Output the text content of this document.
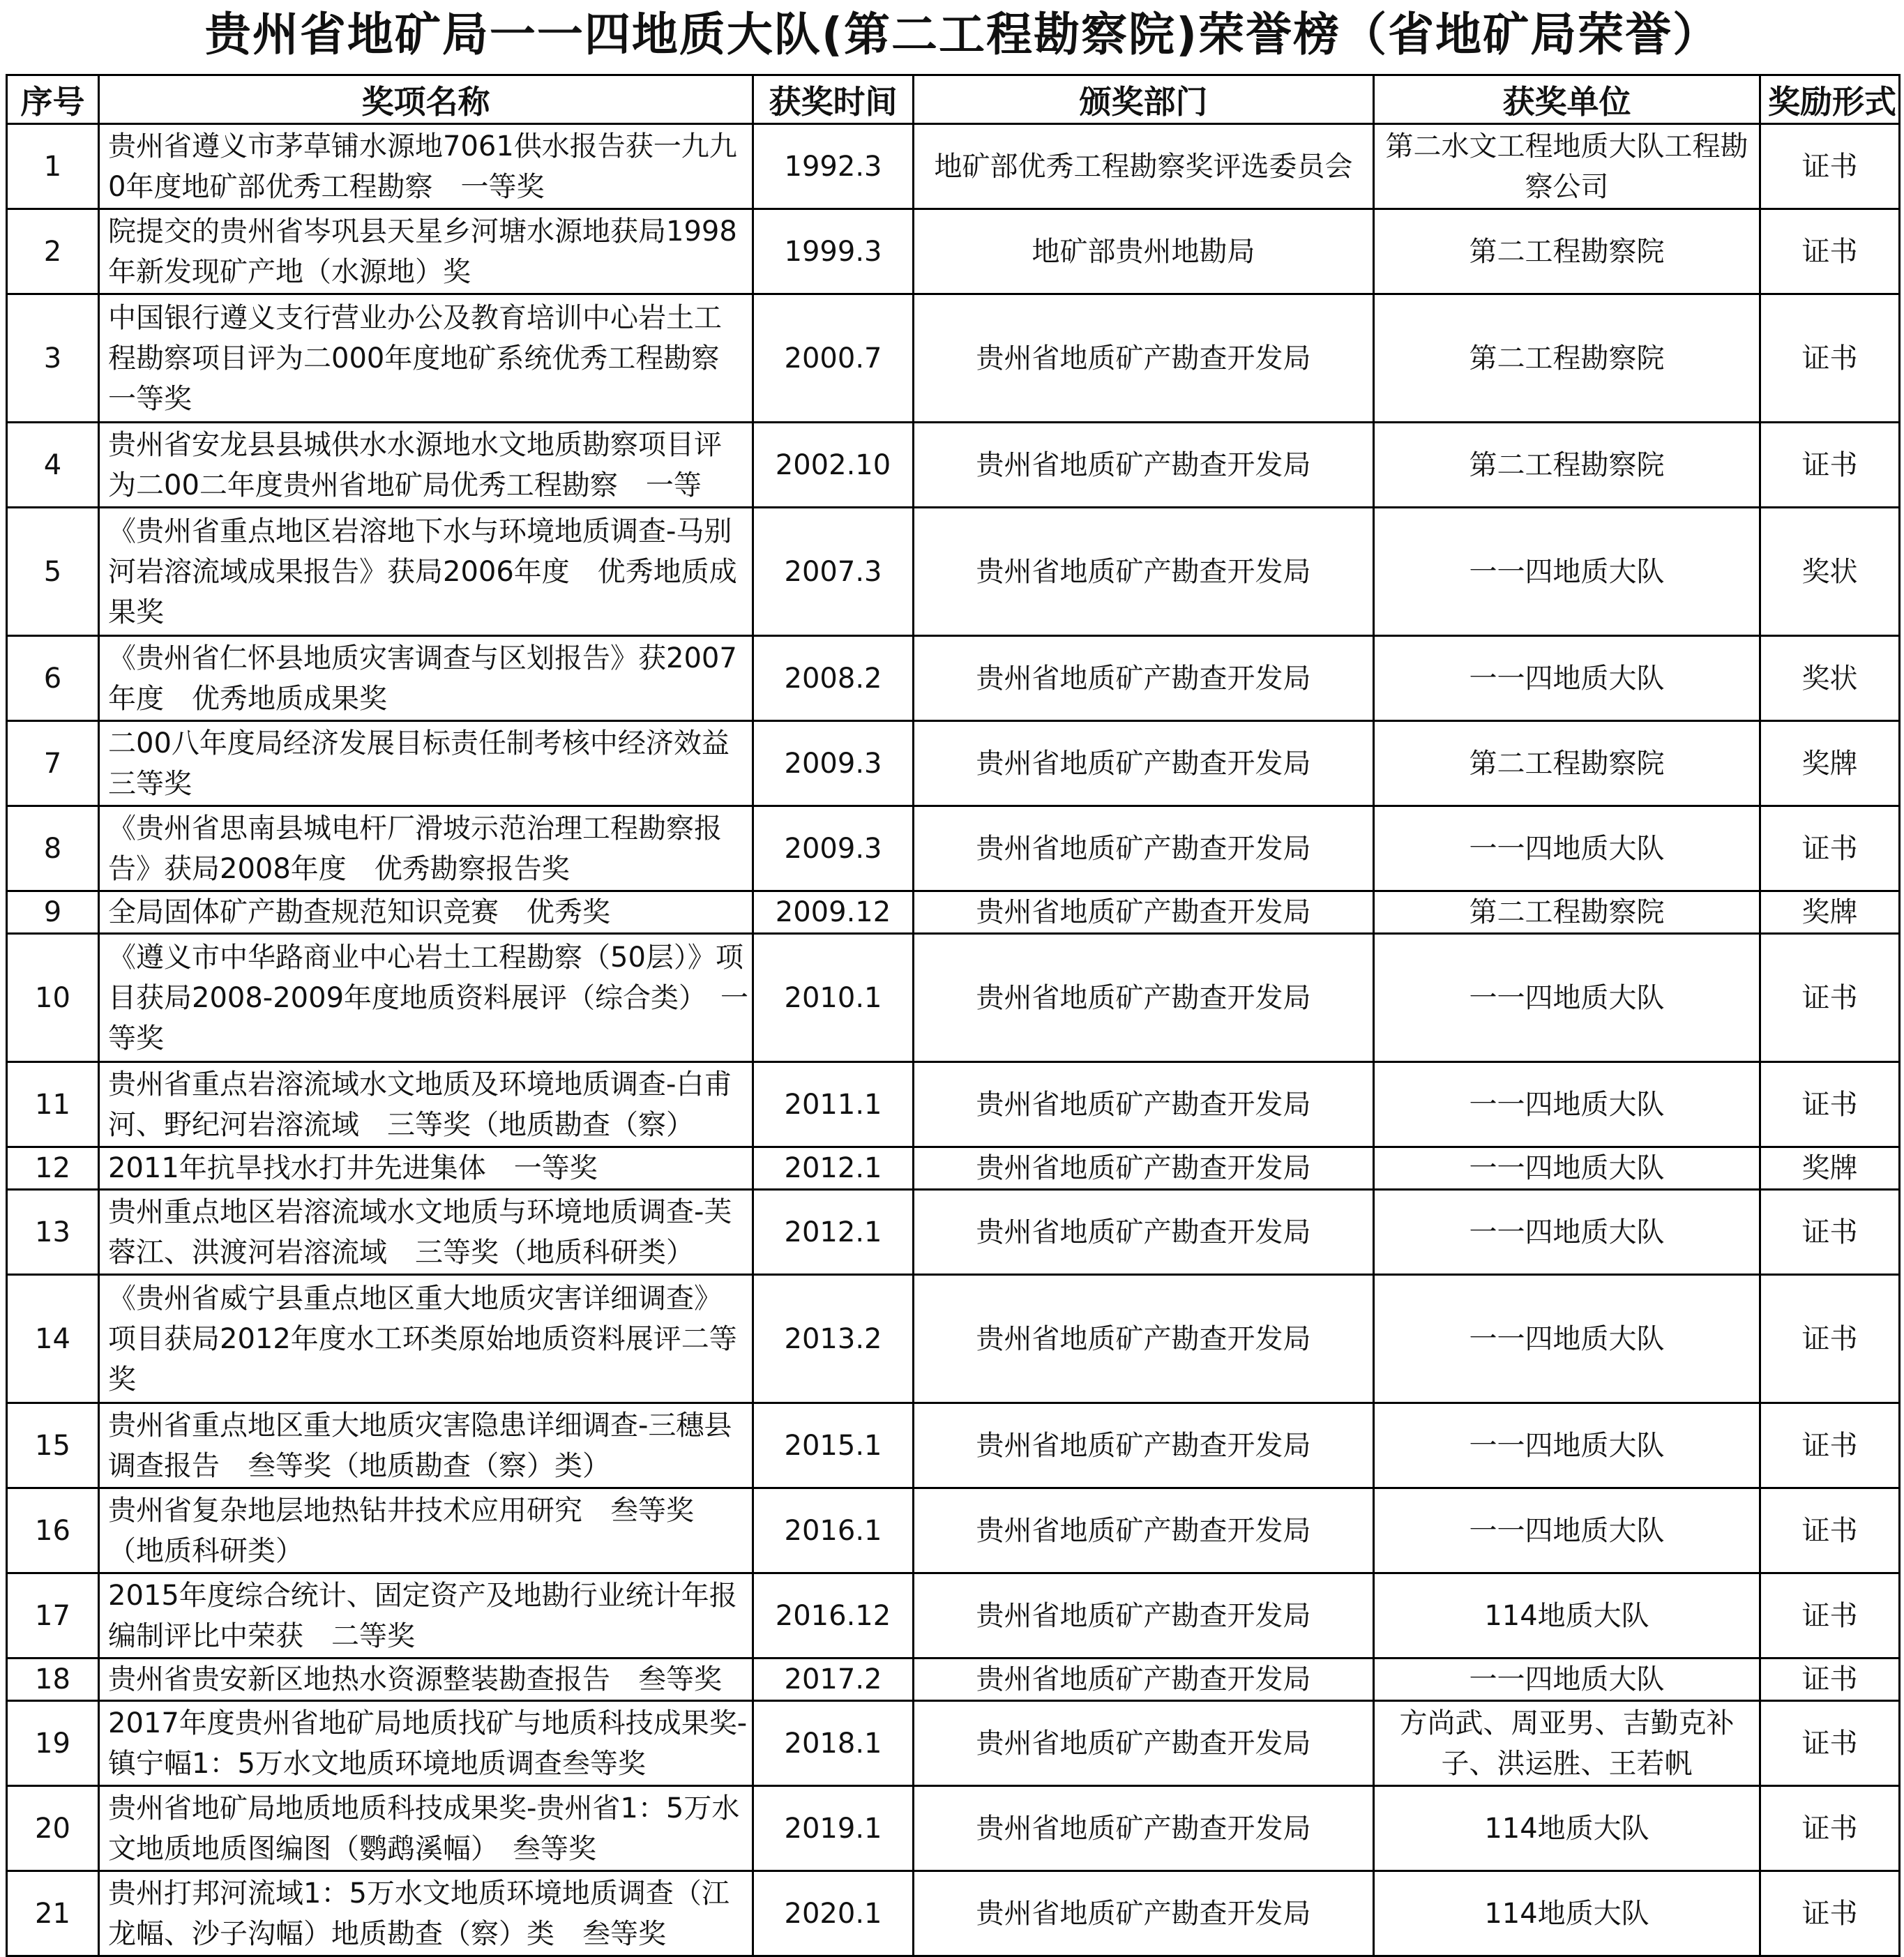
贵州省地矿局一一四地质大队(第二工程勘察院)荣誉榜（省地矿局荣誉）
序号	奖项名称	获奖时间	颁奖部门	获奖单位	奖励形式
1	贵州省遵义市茅草铺水源地7061供水报告获一九九0年度地矿部优秀工程勘察　一等奖	1992.3	地矿部优秀工程勘察奖评选委员会	第二水文工程地质大队工程勘察公司	证书
2	院提交的贵州省岑巩县天星乡河塘水源地获局1998年新发现矿产地（水源地）奖	1999.3	地矿部贵州地勘局	第二工程勘察院	证书
3	中国银行遵义支行营业办公及教育培训中心岩土工程勘察项目评为二000年度地矿系统优秀工程勘察　一等奖	2000.7	贵州省地质矿产勘查开发局	第二工程勘察院	证书
4	贵州省安龙县县城供水水源地水文地质勘察项目评为二00二年度贵州省地矿局优秀工程勘察　一等	2002.10	贵州省地质矿产勘查开发局	第二工程勘察院	证书
5	《贵州省重点地区岩溶地下水与环境地质调查-马别河岩溶流域成果报告》获局2006年度　优秀地质成果奖	2007.3	贵州省地质矿产勘查开发局	一一四地质大队	奖状
6	《贵州省仁怀县地质灾害调查与区划报告》获2007年度　优秀地质成果奖	2008.2	贵州省地质矿产勘查开发局	一一四地质大队	奖状
7	二00八年度局经济发展目标责任制考核中经济效益　三等奖	2009.3	贵州省地质矿产勘查开发局	第二工程勘察院	奖牌
8	《贵州省思南县城电杆厂滑坡示范治理工程勘察报告》获局2008年度　优秀勘察报告奖	2009.3	贵州省地质矿产勘查开发局	一一四地质大队	证书
9	全局固体矿产勘查规范知识竞赛　优秀奖	2009.12	贵州省地质矿产勘查开发局	第二工程勘察院	奖牌
10	《遵义市中华路商业中心岩土工程勘察（50层）》项目获局2008-2009年度地质资料展评（综合类）　一等奖	2010.1	贵州省地质矿产勘查开发局	一一四地质大队	证书
11	贵州省重点岩溶流域水文地质及环境地质调查-白甫河、野纪河岩溶流域　三等奖（地质勘查（察）	2011.1	贵州省地质矿产勘查开发局	一一四地质大队	证书
12	2011年抗旱找水打井先进集体　一等奖	2012.1	贵州省地质矿产勘查开发局	一一四地质大队	奖牌
13	贵州重点地区岩溶流域水文地质与环境地质调查-芙蓉江、洪渡河岩溶流域　三等奖（地质科研类）	2012.1	贵州省地质矿产勘查开发局	一一四地质大队	证书
14	《贵州省威宁县重点地区重大地质灾害详细调查》项目获局2012年度水工环类原始地质资料展评二等奖	2013.2	贵州省地质矿产勘查开发局	一一四地质大队	证书
15	贵州省重点地区重大地质灾害隐患详细调查-三穗县调查报告　叁等奖（地质勘查（察）类）	2015.1	贵州省地质矿产勘查开发局	一一四地质大队	证书
16	贵州省复杂地层地热钻井技术应用研究　叁等奖（地质科研类）	2016.1	贵州省地质矿产勘查开发局	一一四地质大队	证书
17	2015年度综合统计、固定资产及地勘行业统计年报编制评比中荣获　二等奖	2016.12	贵州省地质矿产勘查开发局	114地质大队	证书
18	贵州省贵安新区地热水资源整装勘查报告　叁等奖	2017.2	贵州省地质矿产勘查开发局	一一四地质大队	证书
19	2017年度贵州省地矿局地质找矿与地质科技成果奖-镇宁幅1：5万水文地质环境地质调查叁等奖	2018.1	贵州省地质矿产勘查开发局	方尚武、周亚男、吉勤克补子、洪运胜、王若帆	证书
20	贵州省地矿局地质地质科技成果奖-贵州省1：5万水文地质地质图编图（鹦鹉溪幅）　叁等奖	2019.1	贵州省地质矿产勘查开发局	114地质大队	证书
21	贵州打邦河流域1：5万水文地质环境地质调查（江龙幅、沙子沟幅）地质勘查（察）类　叁等奖	2020.1	贵州省地质矿产勘查开发局	114地质大队	证书
